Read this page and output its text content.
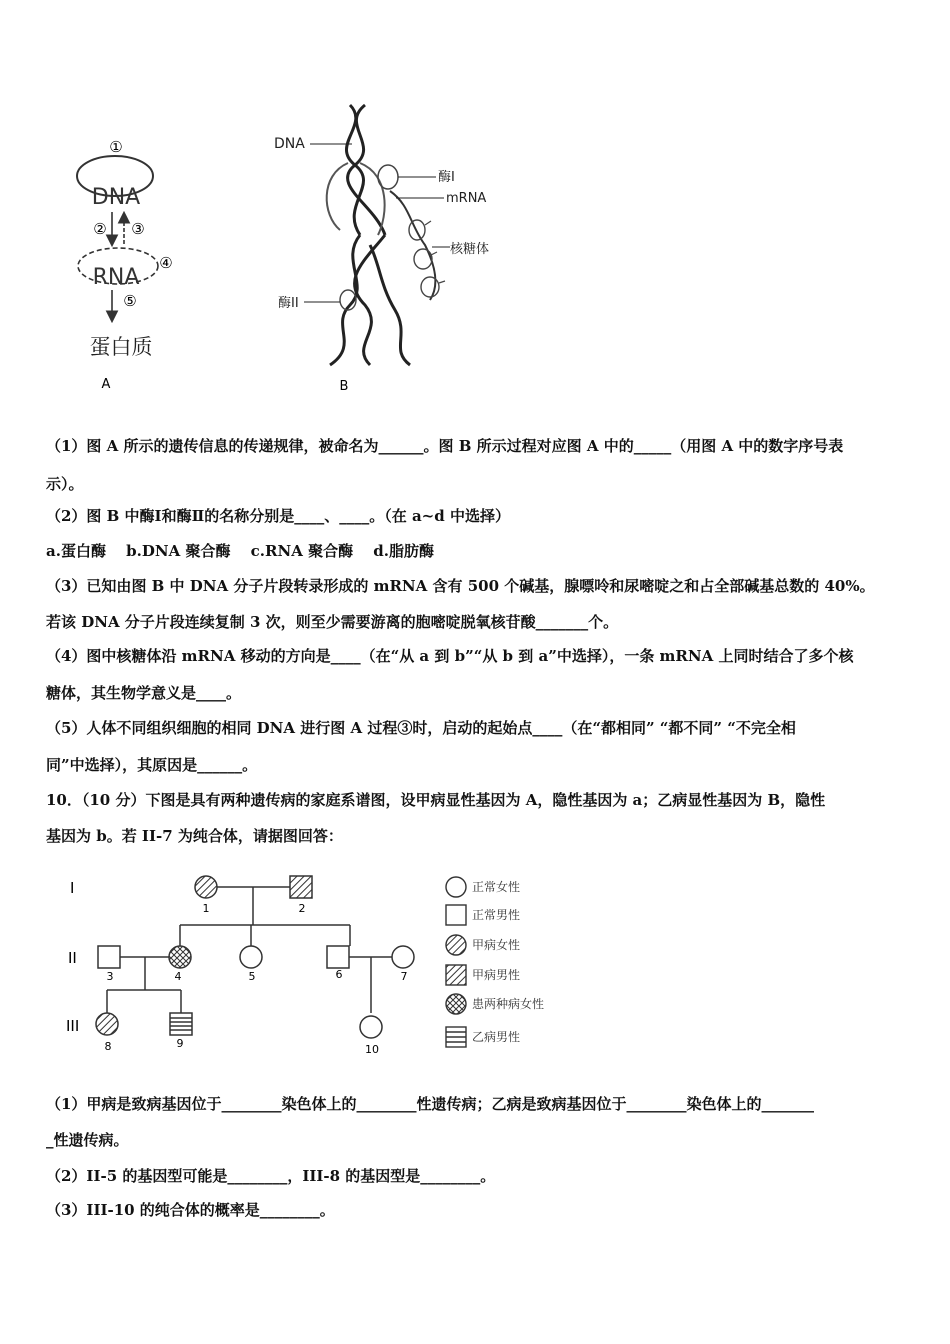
①
DNA
② ③
RNA
④
⑤
蛋白质
A
DNA
酶I
mRNA
核糖体
酶II
B
（1）图 A 所示的遗传信息的传递规律，被命名为______。图 B 所示过程对应图 A 中的_____（用图 A 中的数字序号表
示）。
（2）图 B 中酶Ⅰ和酶Ⅱ的名称分别是____、____。（在 a~d 中选择）
a.蛋白酶　 b.DNA 聚合酶　 c.RNA 聚合酶　 d.脂肪酶
（3）已知由图 B 中 DNA 分子片段转录形成的 mRNA 含有 500 个碱基，腺嘌呤和尿嘧啶之和占全部碱基总数的 40%。
若该 DNA 分子片段连续复制 3 次，则至少需要游离的胞嘧啶脱氧核苷酸_______个。
（4）图中核糖体沿 mRNA 移动的方向是____（在“从 a 到 b”“从 b 到 a”中选择），一条 mRNA 上同时结合了多个核
糖体，其生物学意义是____。
（5）人体不同组织细胞的相同 DNA 进行图 A 过程③时，启动的起始点____（在“都相同” “都不同” “不完全相
同”中选择），其原因是______。
10．（10 分）下图是具有两种遗传病的家庭系谱图，设甲病显性基因为 A，隐性基因为 a；乙病显性基因为 B，隐性
基因为 b。若 II-7 为纯合体，请据图回答：
I
II
III
1	2
3	4	5	6	7
8	9	10
正常女性
正常男性
甲病女性
甲病男性
患两种病女性
乙病男性
（1）甲病是致病基因位于________染色体上的________性遗传病；乙病是致病基因位于________染色体上的_______
_性遗传病。
（2）II-5 的基因型可能是________，III-8 的基因型是________。
（3）III-10 的纯合体的概率是________。
